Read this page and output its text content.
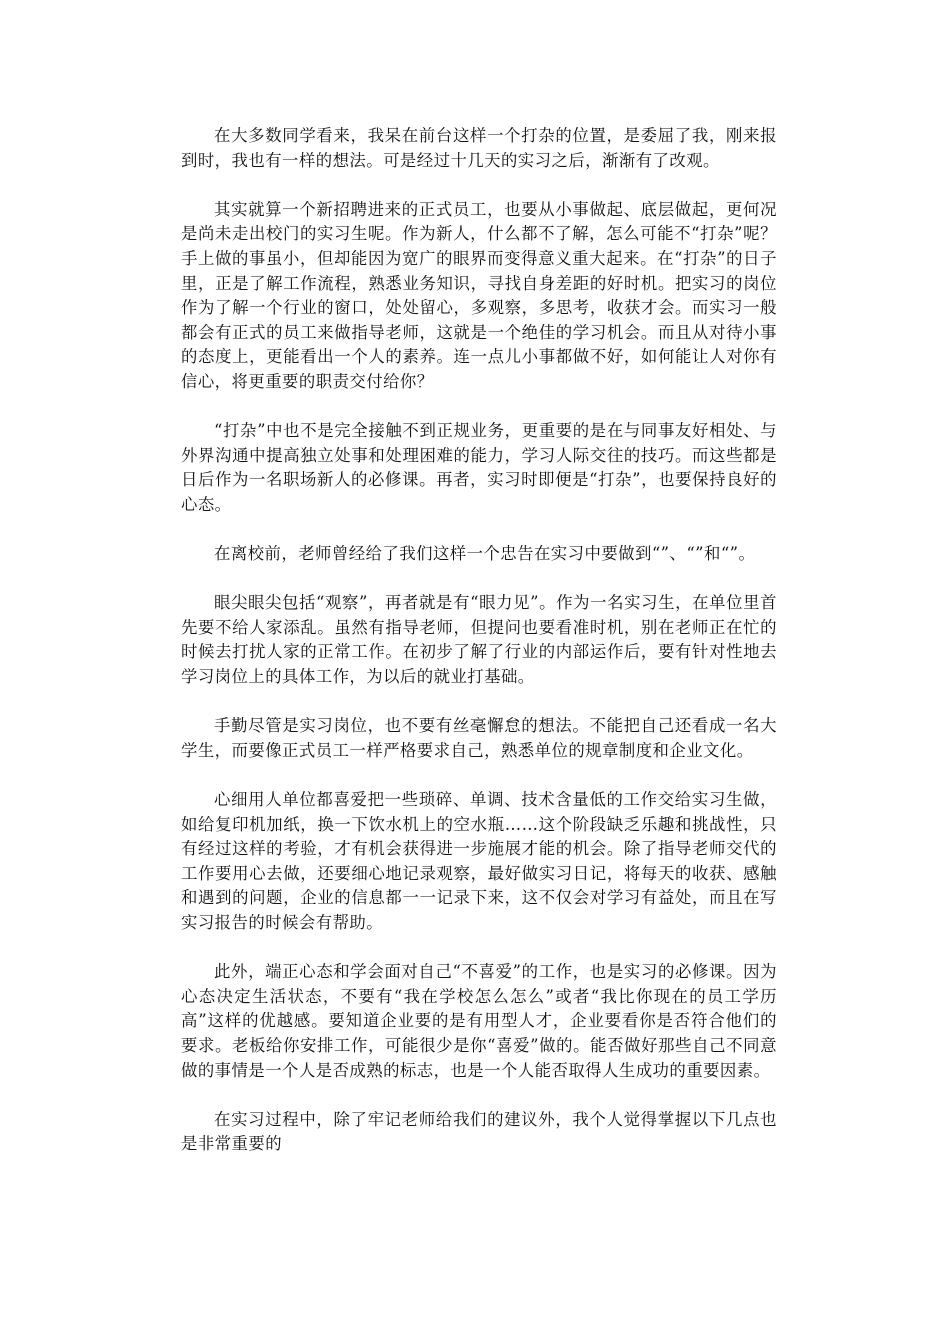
在大多数同学看来，我呆在前台这样一个打杂的位置，是委屈了我，刚来报到时，我也有一样的想法。可是经过十几天的实习之后，渐渐有了改观。

其实就算一个新招聘进来的正式员工，也要从小事做起、底层做起，更何况是尚未走出校门的实习生呢。作为新人，什么都不了解，怎么可能不“打杂”呢？手上做的事虽小，但却能因为宽广的眼界而变得意义重大起来。在“打杂”的日子里，正是了解工作流程，熟悉业务知识，寻找自身差距的好时机。把实习的岗位作为了解一个行业的窗口，处处留心，多观察，多思考，收获才会。而实习一般都会有正式的员工来做指导老师，这就是一个绝佳的学习机会。而且从对待小事的态度上，更能看出一个人的素养。连一点儿小事都做不好，如何能让人对你有信心，将更重要的职责交付给你？

“打杂”中也不是完全接触不到正规业务，更重要的是在与同事友好相处、与外界沟通中提高独立处事和处理困难的能力，学习人际交往的技巧。而这些都是日后作为一名职场新人的必修课。再者，实习时即便是“打杂”，也要保持良好的心态。

在离校前，老师曾经给了我们这样一个忠告在实习中要做到“”、“”和“”。

眼尖眼尖包括“观察”，再者就是有“眼力见”。作为一名实习生，在单位里首先要不给人家添乱。虽然有指导老师，但提问也要看准时机，别在老师正在忙的时候去打扰人家的正常工作。在初步了解了行业的内部运作后，要有针对性地去学习岗位上的具体工作，为以后的就业打基础。

手勤尽管是实习岗位，也不要有丝毫懈怠的想法。不能把自己还看成一名大学生，而要像正式员工一样严格要求自己，熟悉单位的规章制度和企业文化。

心细用人单位都喜爱把一些琐碎、单调、技术含量低的工作交给实习生做，如给复印机加纸，换一下饮水机上的空水瓶……这个阶段缺乏乐趣和挑战性，只有经过这样的考验，才有机会获得进一步施展才能的机会。除了指导老师交代的工作要用心去做，还要细心地记录观察，最好做实习日记，将每天的收获、感触和遇到的问题，企业的信息都一一记录下来，这不仅会对学习有益处，而且在写实习报告的时候会有帮助。

此外，端正心态和学会面对自己“不喜爱”的工作，也是实习的必修课。因为心态决定生活状态，不要有“我在学校怎么怎么”或者“我比你现在的员工学历高”这样的优越感。要知道企业要的是有用型人才，企业要看你是否符合他们的要求。老板给你安排工作，可能很少是你“喜爱”做的。能否做好那些自己不同意做的事情是一个人是否成熟的标志，也是一个人能否取得人生成功的重要因素。

在实习过程中，除了牢记老师给我们的建议外，我个人觉得掌握以下几点也是非常重要的
